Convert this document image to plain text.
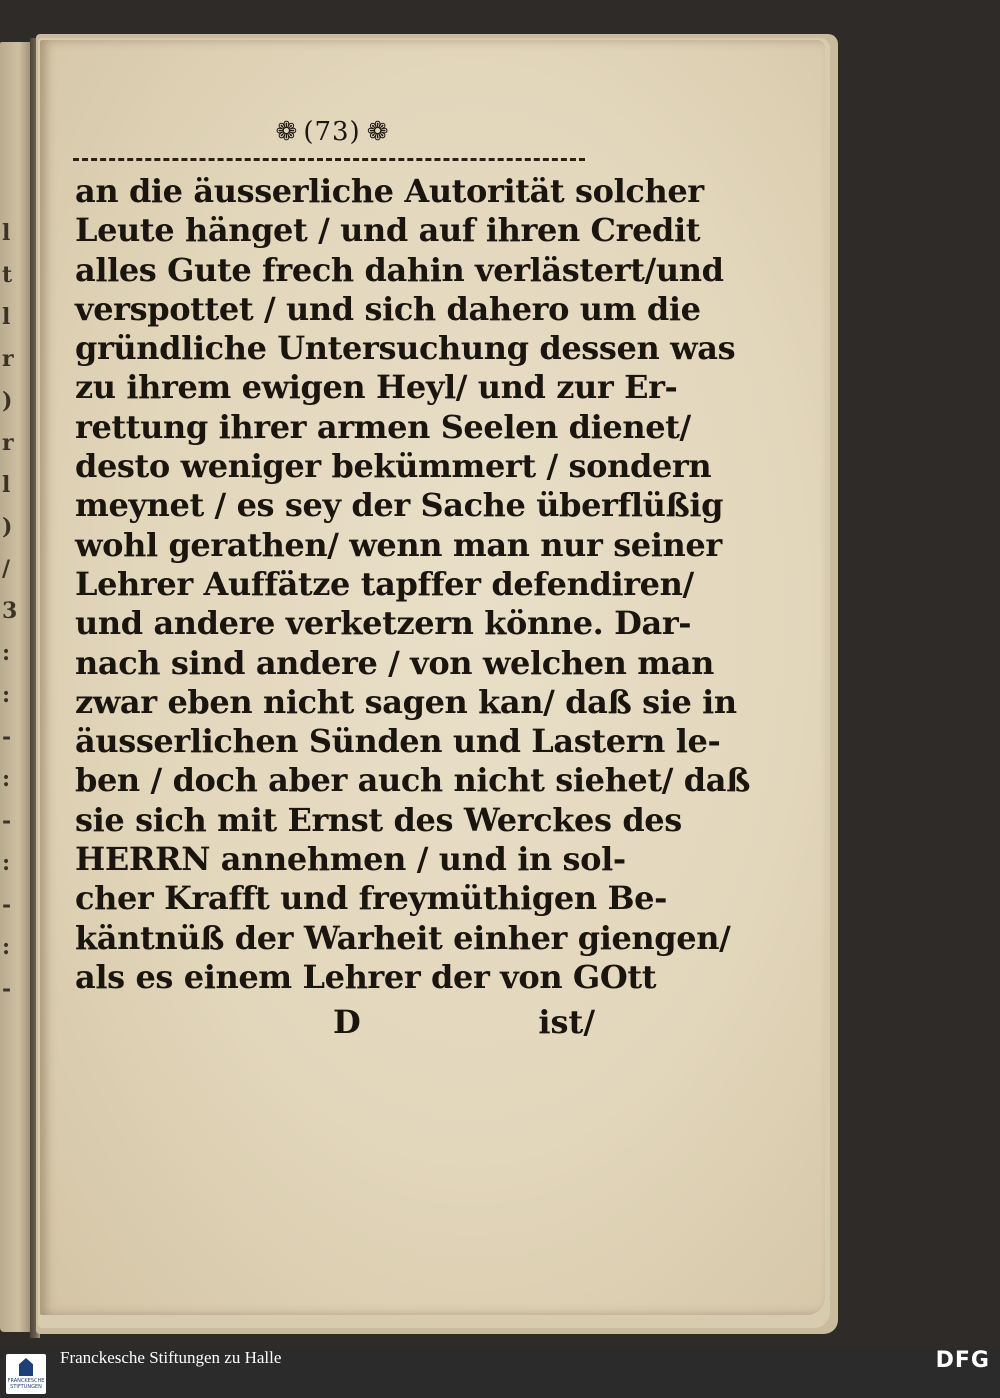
l
t
l
r
)
r
l
)
/
3
:
:
-
:
-
:
-
:
-
❁ (73) ❁
an die äusserliche Autorität solcher
Leute hänget / und auf ihren Credit
alles Gute frech dahin verlästert/und
verspottet / und sich dahero um die
gründliche Untersuchung dessen was
zu ihrem ewigen Heyl/ und zur Er-
rettung ihrer armen Seelen dienet/
desto weniger bekümmert / sondern
meynet / es sey der Sache überflüßig
wohl gerathen/ wenn man nur seiner
Lehrer Auffätze tapffer defendiren/
und andere verketzern könne. Dar-
nach sind andere / von welchen man
zwar eben nicht sagen kan/ daß sie in
äusserlichen Sünden und Lastern le-
ben / doch aber auch nicht siehet/ daß
sie sich mit Ernst des Werckes des
HERRN annehmen / und in sol-
cher Krafft und freymüthigen Be-
käntnüß der Warheit einher giengen/
als es einem Lehrer der von GOtt
D	ist/
FRANCKESCHE STIFTUNGEN
Franckesche Stiftungen zu Halle	DFG
